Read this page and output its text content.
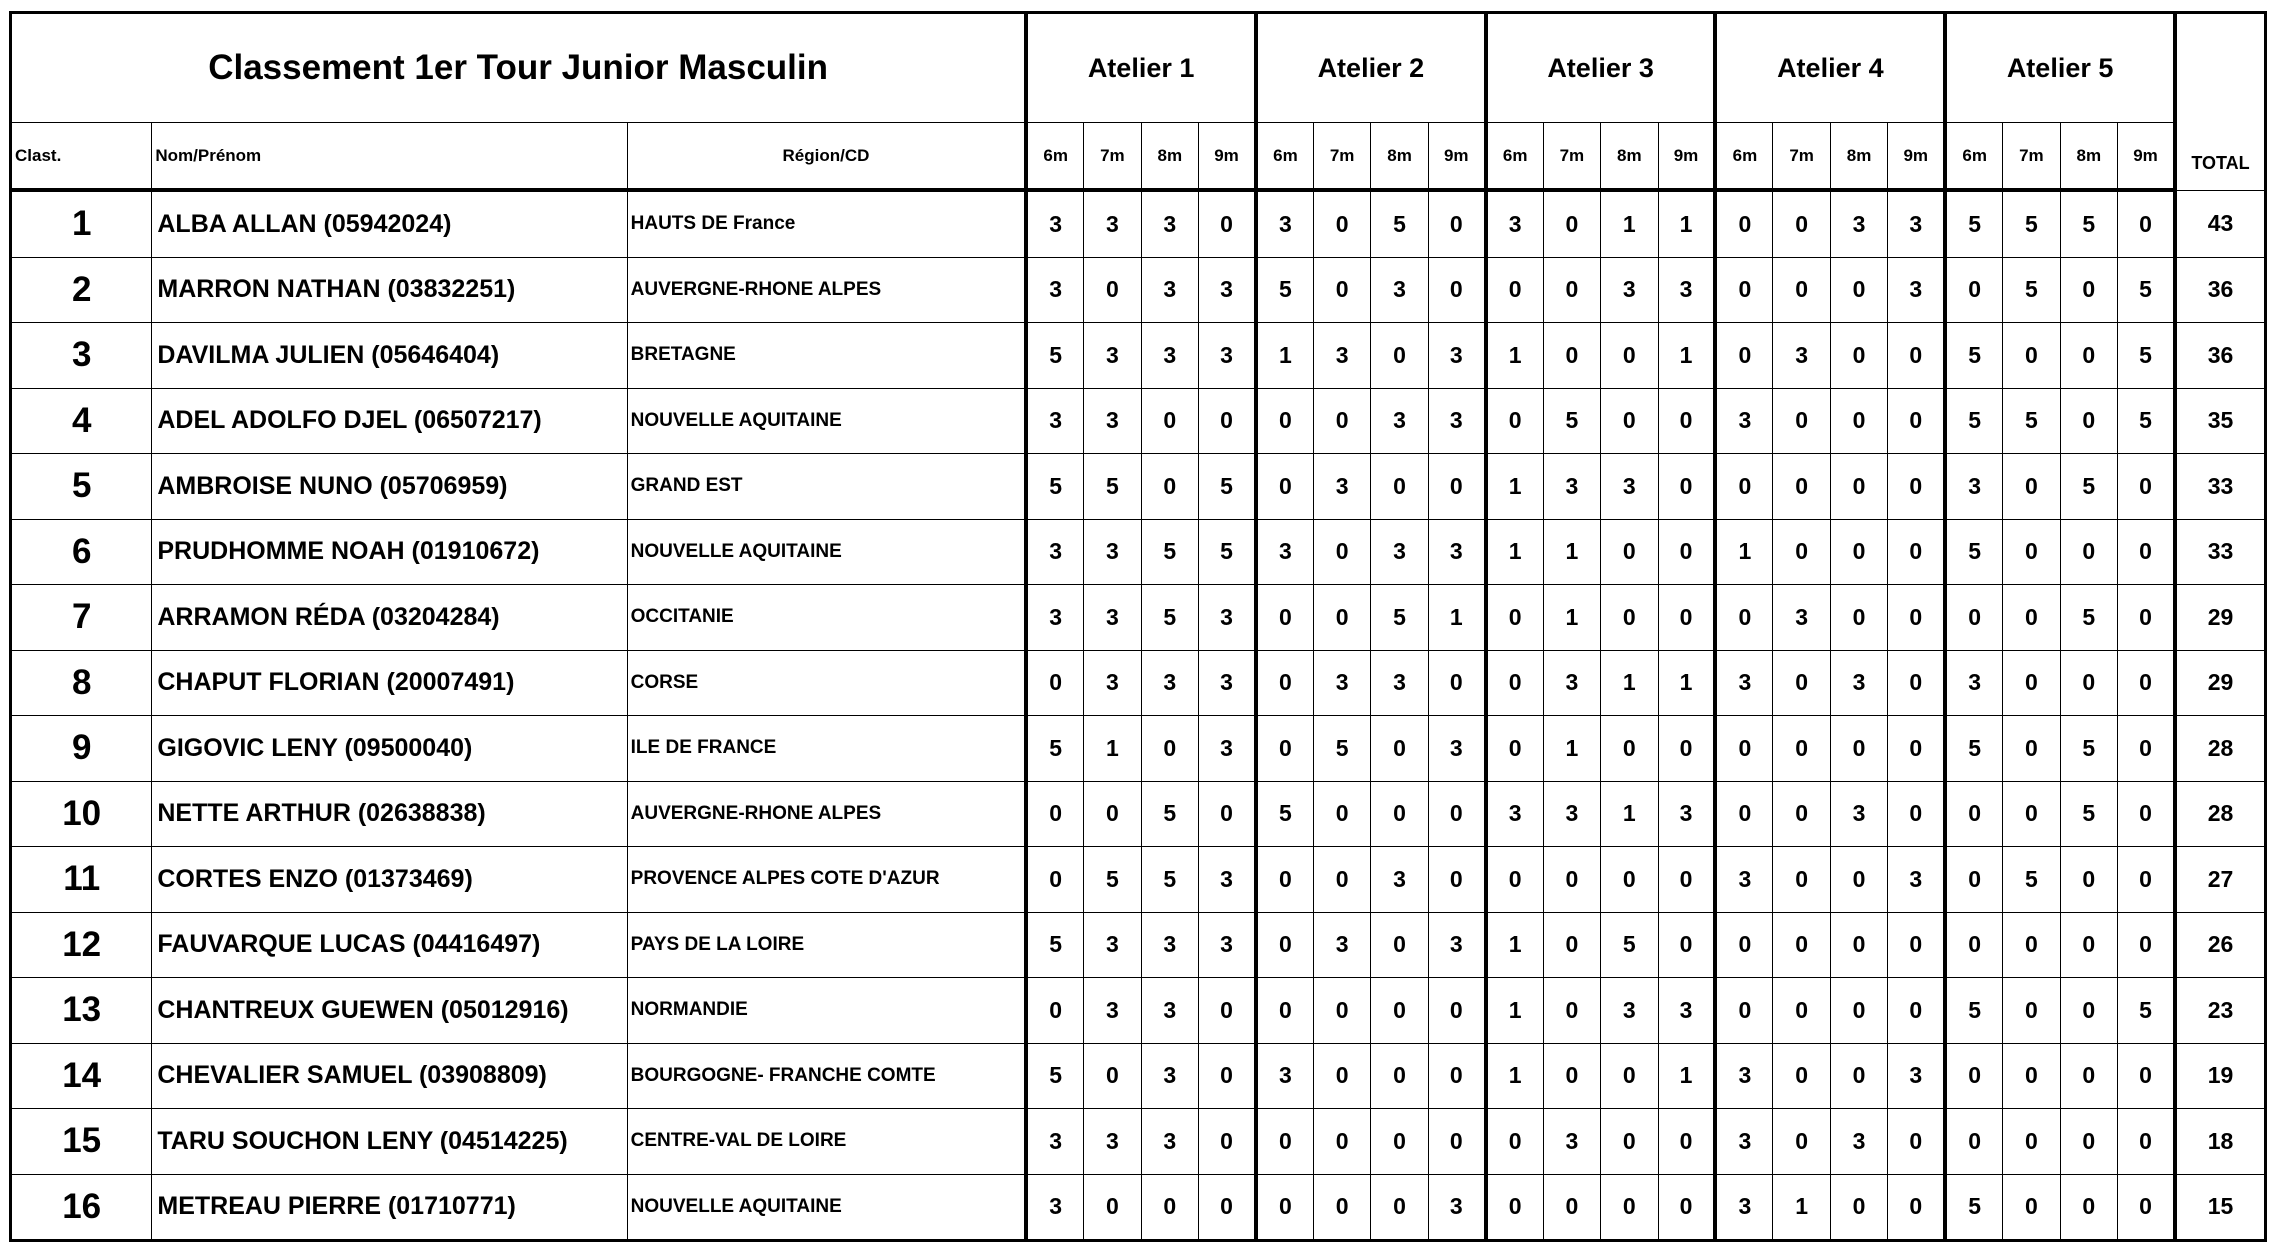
Classement 1er Tour Junior Masculin			Atelier 1				Atelier 2				Atelier 3				Atelier 4				Atelier 5				TOTAL
Clast.	Nom/Prénom	Région/CD	6m	7m	8m	9m	6m	7m	8m	9m	6m	7m	8m	9m	6m	7m	8m	9m	6m	7m	8m	9m	
1	ALBA ALLAN (05942024)	HAUTS DE France	3	3	3	0	3	0	5	0	3	0	1	1	0	0	3	3	5	5	5	0	43
2	MARRON NATHAN (03832251)	AUVERGNE-RHONE ALPES	3	0	3	3	5	0	3	0	0	0	3	3	0	0	0	3	0	5	0	5	36
3	DAVILMA JULIEN (05646404)	BRETAGNE	5	3	3	3	1	3	0	3	1	0	0	1	0	3	0	0	5	0	0	5	36
4	ADEL ADOLFO DJEL (06507217)	NOUVELLE AQUITAINE	3	3	0	0	0	0	3	3	0	5	0	0	3	0	0	0	5	5	0	5	35
5	AMBROISE NUNO (05706959)	GRAND EST	5	5	0	5	0	3	0	0	1	3	3	0	0	0	0	0	3	0	5	0	33
6	PRUDHOMME NOAH (01910672)	NOUVELLE AQUITAINE	3	3	5	5	3	0	3	3	1	1	0	0	1	0	0	0	5	0	0	0	33
7	ARRAMON RÉDA (03204284)	OCCITANIE	3	3	5	3	0	0	5	1	0	1	0	0	0	3	0	0	0	0	5	0	29
8	CHAPUT FLORIAN (20007491)	CORSE	0	3	3	3	0	3	3	0	0	3	1	1	3	0	3	0	3	0	0	0	29
9	GIGOVIC LENY (09500040)	ILE DE FRANCE	5	1	0	3	0	5	0	3	0	1	0	0	0	0	0	0	5	0	5	0	28
10	NETTE ARTHUR (02638838)	AUVERGNE-RHONE ALPES	0	0	5	0	5	0	0	0	3	3	1	3	0	0	3	0	0	0	5	0	28
11	CORTES ENZO (01373469)	PROVENCE ALPES COTE D'AZUR	0	5	5	3	0	0	3	0	0	0	0	0	3	0	0	3	0	5	0	0	27
12	FAUVARQUE LUCAS (04416497)	PAYS DE LA LOIRE	5	3	3	3	0	3	0	3	1	0	5	0	0	0	0	0	0	0	0	0	26
13	CHANTREUX GUEWEN (05012916)	NORMANDIE	0	3	3	0	0	0	0	0	1	0	3	3	0	0	0	0	5	0	0	5	23
14	CHEVALIER SAMUEL (03908809)	BOURGOGNE- FRANCHE COMTE	5	0	3	0	3	0	0	0	1	0	0	1	3	0	0	3	0	0	0	0	19
15	TARU SOUCHON LENY (04514225)	CENTRE-VAL DE LOIRE	3	3	3	0	0	0	0	0	0	3	0	0	3	0	3	0	0	0	0	0	18
16	METREAU PIERRE (01710771)	NOUVELLE AQUITAINE	3	0	0	0	0	0	0	3	0	0	0	0	3	1	0	0	5	0	0	0	15
